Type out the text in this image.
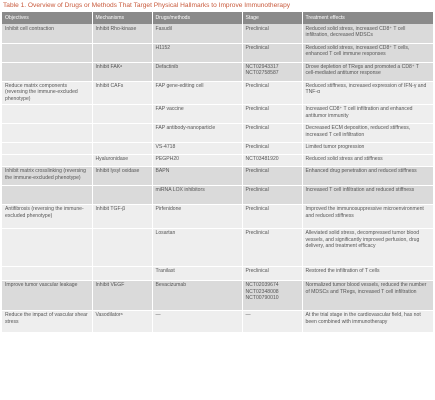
Table 1. Overview of Drugs or Methods That Target Physical Hallmarks to Improve Immunotherapy
Objectives	Mechanisms	Drugs/methods	Stage	Treatment effects
Inhibit cell contraction	Inhibit Rho-kinase	Fasudil	Preclinical	Reduced solid stress, increased CD8⁺ T cell infiltration, decreased MDSCs
		H1152	Preclinical	Reduced solid stress, increased CD8⁺ T cells, enhanced T cell immune responses
	Inhibit FAKᵃ	Defactinib	NCT02943317 NCT02758587	Drove depletion of TRegs and promoted a CD8⁺ T cell-mediated antitumor response
Reduce matrix components (reversing the immune-excluded phenotype)	Inhibit CAFs	FAP gene-editing cell	Preclinical	Reduced stiffness, increased expression of IFN-γ and TNF-α
		FAP vaccine	Preclinical	Increased CD8⁺ T cell infiltration and enhanced antitumor immunity
		FAP antibody-nanoparticle	Preclinical	Decreased ECM deposition, reduced stiffness, increased T cell infiltration
		VS-4718	Preclinical	Limited tumor progression
	Hyaluronidase	PEGPH20	NCT03481920	Reduced solid stress and stiffness
Inhibit matrix crosslinking (reversing the immune-excluded phenotype)	Inhibit lysyl oxidase	BAPN	Preclinical	Enhanced drug penetration and reduced stiffness
		miRNA LOX inhibitors	Preclinical	Increased T cell infiltration and reduced stiffness
Antifibrosis (reversing the immune-excluded phenotype)	Inhibit TGF-β	Pirfenidone	Preclinical	Improved the immunosuppressive microenvironment and reduced stiffness
		Losartan	Preclinical	Alleviated solid stress, decompressed tumor blood vessels, and significantly improved perfusion, drug delivery, and treatment efficacy
		Tranilast	Preclinical	Restored the infiltration of T cells
Improve tumor vascular leakage	Inhibit VEGF	Bevacizumab	NCT02039674 NCT02348008 NCT00790010	Normalized tumor blood vessels, reduced the number of MDSCs and TRegs, increased T cell infiltration
Reduce the impact of vascular shear stress	Vasodilatorᵃ	—	—	At the trial stage in the cardiovascular field, has not been combined with immunotherapy
